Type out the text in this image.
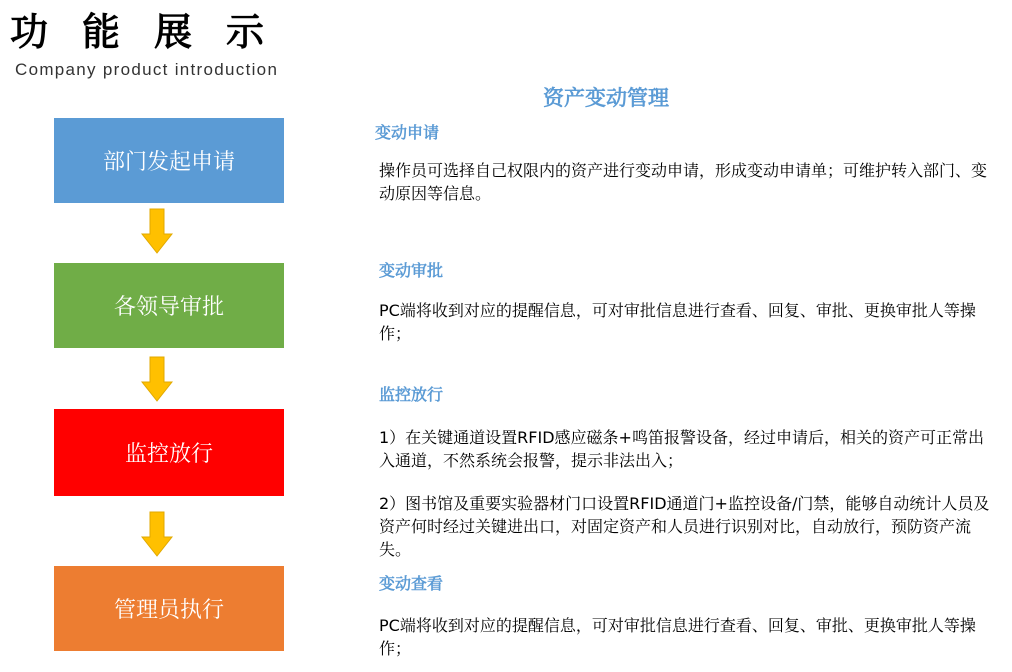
功能展示
Company product introduction
资产变动管理
部门发起申请
各领导审批
监控放行
管理员执行
变动申请
操作员可选择自己权限内的资产进行变动申请，形成变动申请单；可维护转入部门、变动原因等信息。
变动审批
PC端将收到对应的提醒信息，可对审批信息进行查看、回复、审批、更换审批人等操作；
监控放行
1）在关键通道设置RFID感应磁条+鸣笛报警设备，经过申请后，相关的资产可正常出入通道，不然系统会报警，提示非法出入；
2）图书馆及重要实验器材门口设置RFID通道门+监控设备/门禁，能够自动统计人员及资产何时经过关键进出口，对固定资产和人员进行识别对比，自动放行，预防资产流失。
变动查看
PC端将收到对应的提醒信息，可对审批信息进行查看、回复、审批、更换审批人等操作；
